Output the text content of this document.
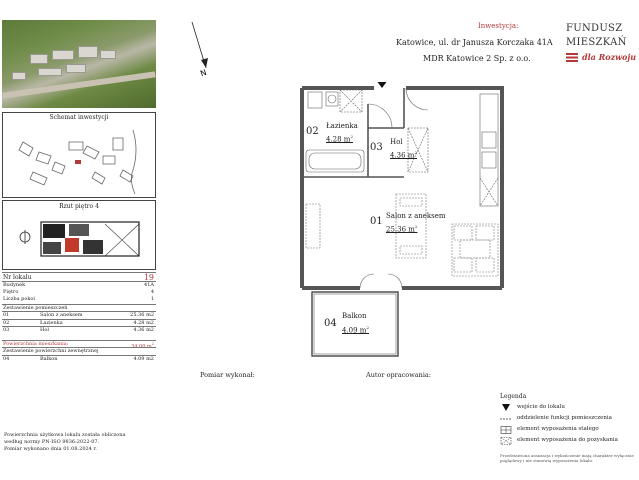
Schemat inwestycji
Rzut piętro 4
Nr lokalu	19
Budynek	41A
Piętro	4
Liczba pokoi	1
Zestawienie pomieszczeń
01	Salon z aneksem	25.36 m2
02	Łazienka	4.28 m2
03	Hol	4.36 m2
Powierzchnia mieszkania:	34.00 $m^2$
Zestawienie powierzchni zewnętrznej
04	Balkon	4.09 m2
Powierzchnia użytkowa lokalu została obliczona
według normy PN-ISO 9836:2022-07.
Pomiar wykonano dnia 01.08.2024 r.
N
Inwestycja:
Katowice, ul. dr Janusza Korczaka 41A
MDR Katowice 2 Sp. z o.o.
FUNDUSZ
MIESZKAŃ
dla Rozwoju
02 Łazienka
4.28 $m^2$
03 Hol
4.36 $m^2$
01 Salon z aneksem
25.36 $m^2$
04
Balkon
4.09 $m^2$
Pomiar wykonał:	Autor opracowania:
Legenda
wejście do lokalu
oddzielenie funkcji pomieszczenia
element wyposażenia stałego
element wyposażenia do pozyskania
Przedstawiona aranżacja i wykończenie mają charakter wyłącznie poglądowy i nie stanowią wyposażenia lokalu.
